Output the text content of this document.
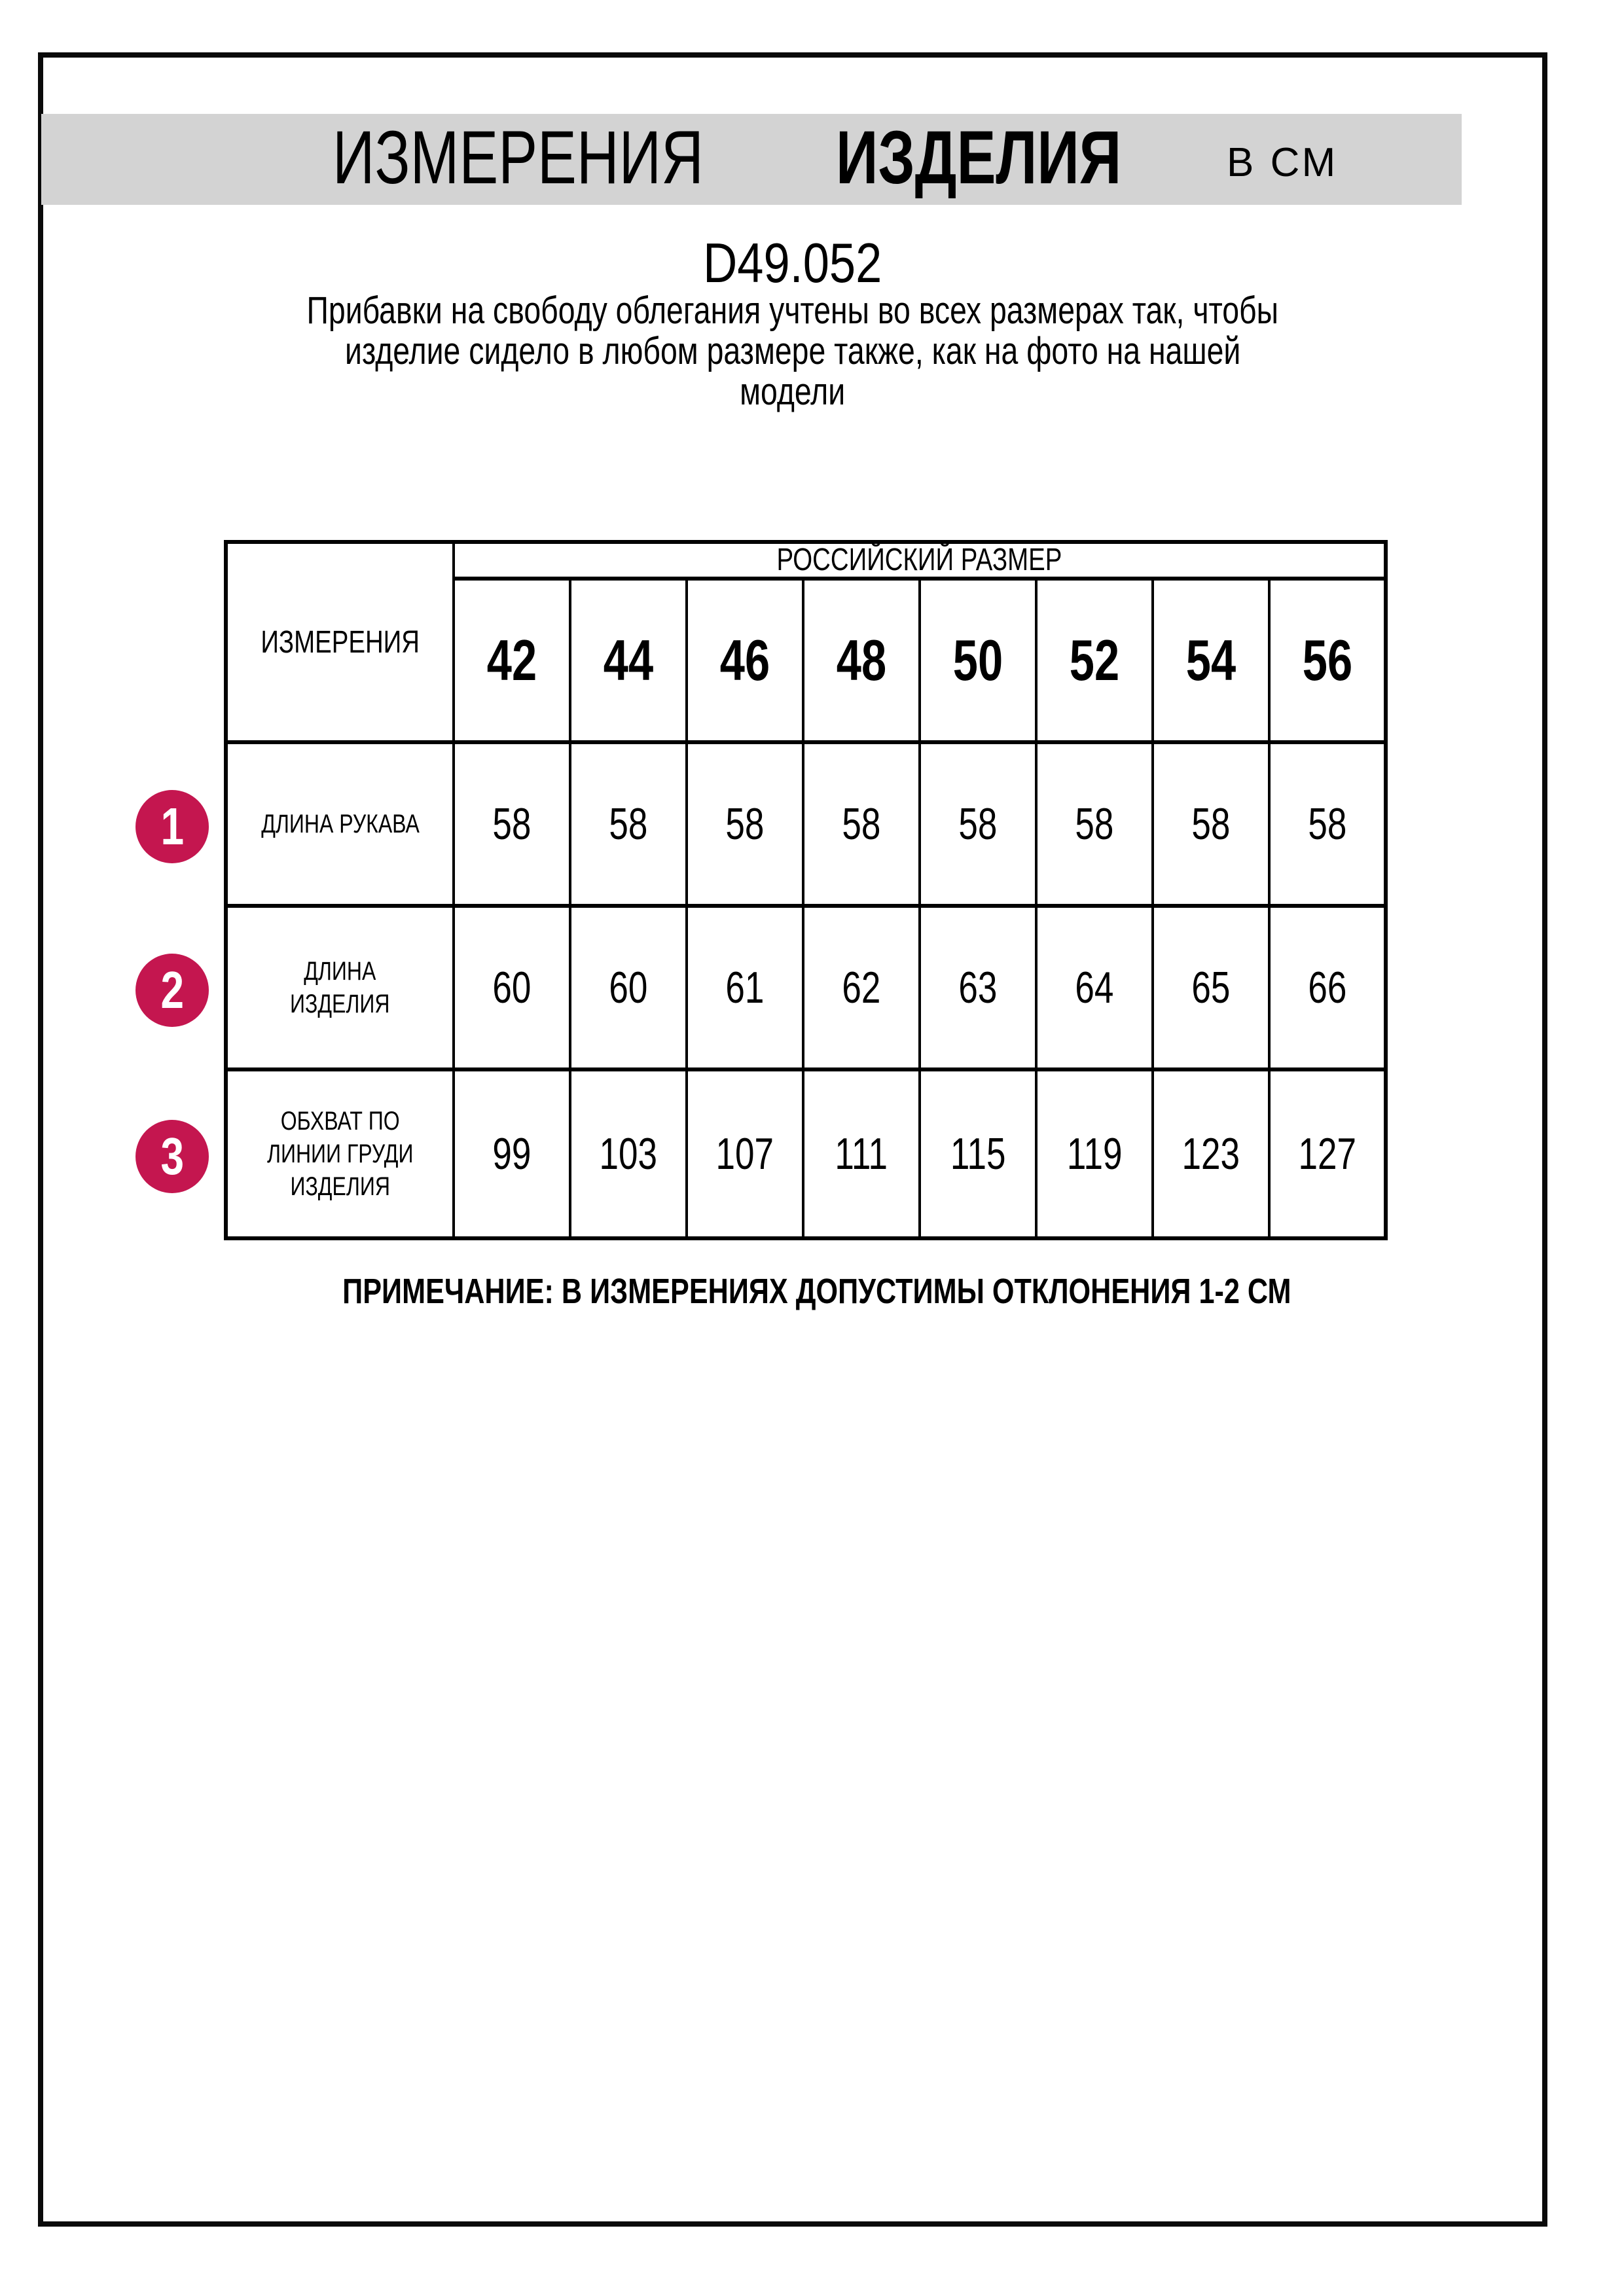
ИЗМЕРЕНИЯ ИЗДЕЛИЯ	В СМ
D49.052
Прибавки на свободу облегания учтены во всех размерах так, чтобы
изделие сидело в любом размере также, как на фото на нашей
модели
ИЗМЕРЕНИЯ	РОССИЙСКИЙ РАЗМЕР							
	42	44	46	48	50	52	54	56
ДЛИНА РУКАВА	58	58	58	58	58	58	58	58
ДЛИНА
ИЗДЕЛИЯ	60	60	61	62	63	64	65	66
ОБХВАТ ПО
ЛИНИИ ГРУДИ
ИЗДЕЛИЯ	99	103	107	111	115	119	123	127
1
2
3
ПРИМЕЧАНИЕ: В ИЗМЕРЕНИЯХ ДОПУСТИМЫ ОТКЛОНЕНИЯ 1-2 СМ
